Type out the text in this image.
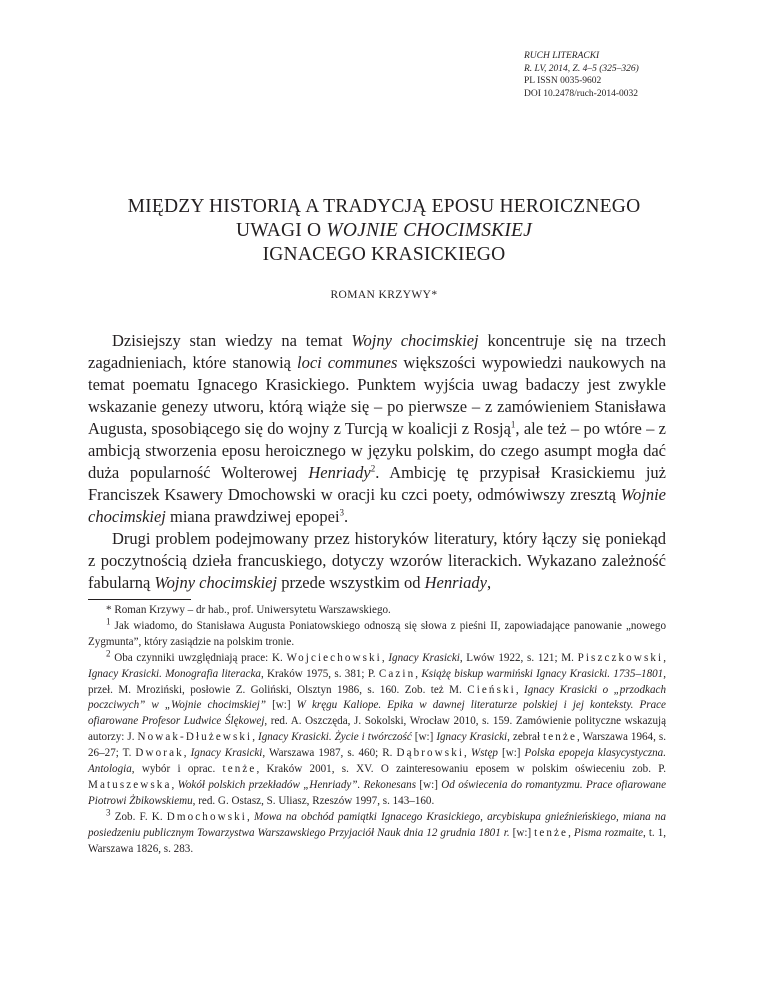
RUCH LITERACKI
R. LV, 2014, Z. 4–5 (325–326)
PL ISSN 0035-9602
DOI 10.2478/ruch-2014-0032
MIĘDZY HISTORIĄ A TRADYCJĄ EPOSU HEROICZNEGO
UWAGI O WOJNIE CHOCIMSKIEJ
IGNACEGO KRASICKIEGO
ROMAN KRZYWY*

Dzisiejszy stan wiedzy na temat Wojny chocimskiej koncentruje się na trzech zagadnieniach, które stanowią loci communes większości wypowiedzi naukowych na temat poematu Ignacego Krasickiego. Punktem wyjścia uwag badaczy jest zwykle wskazanie genezy utworu, którą wiąże się – po pierwsze – z zamówieniem Stanisława Augusta, sposobiącego się do wojny z Turcją w koalicji z Rosją$^1$, ale też – po wtóre – z ambicją stworzenia eposu heroicznego w języku polskim, do czego asumpt mogła dać duża popularność Wolterowej Henriady$^2$. Ambicję tę przypisał Krasickiemu już Franciszek Ksawery Dmochowski w oracji ku czci poety, odmówiwszy zresztą Wojnie chocimskiej miana prawdziwej epopei$^3$.

Drugi problem podejmowany przez historyków literatury, który łączy się poniekąd z poczytnością dzieła francuskiego, dotyczy wzorów literackich. Wykazano zależność fabularną Wojny chocimskiej przede wszystkim od Henriady,

* Roman Krzywy – dr hab., prof. Uniwersytetu Warszawskiego.

$^1$ Jak wiadomo, do Stanisława Augusta Poniatowskiego odnoszą się słowa z pieśni II, zapowiadające panowanie „nowego Zygmunta”, który zasiądzie na polskim tronie.

$^2$ Oba czynniki uwzględniają prace: K. Wojciechowski, Ignacy Krasicki, Lwów 1922, s. 121; M. Piszczkowski, Ignacy Krasicki. Monografia literacka, Kraków 1975, s. 381; P. Cazin, Książę biskup warmiński Ignacy Krasicki. 1735–1801, przeł. M. Mroziński, posłowie Z. Goliński, Olsztyn 1986, s. 160. Zob. też M. Cieński, Ignacy Krasicki o „przodkach poczciwych” w „Wojnie chocimskiej” [w:] W kręgu Kaliope. Epika w dawnej literaturze polskiej i jej konteksty. Prace ofiarowane Profesor Ludwice Ślękowej, red. A. Oszczęda, J. Sokolski, Wrocław 2010, s. 159. Zamówienie polityczne wskazują autorzy: J. Nowak-Dłużewski, Ignacy Krasicki. Życie i twórczość [w:] Ignacy Krasicki, zebrał tenże, Warszawa 1964, s. 26–27; T. Dworak, Ignacy Krasicki, Warszawa 1987, s. 460; R. Dąbrowski, Wstęp [w:] Polska epopeja klasycystyczna. Antologia, wybór i oprac. tenże, Kraków 2001, s. XV. O zainteresowaniu eposem w polskim oświeceniu zob. P. Matuszewska, Wokół polskich przekładów „Henriady”. Rekonesans [w:] Od oświecenia do romantyzmu. Prace ofiarowane Piotrowi Żbikowskiemu, red. G. Ostasz, S. Uliasz, Rzeszów 1997, s. 143–160.

$^3$ Zob. F. K. Dmochowski, Mowa na obchód pamiątki Ignacego Krasickiego, arcybiskupa gnieźnieńskiego, miana na posiedzeniu publicznym Towarzystwa Warszawskiego Przyjaciół Nauk dnia 12 grudnia 1801 r. [w:] tenże, Pisma rozmaite, t. 1, Warszawa 1826, s. 283.
